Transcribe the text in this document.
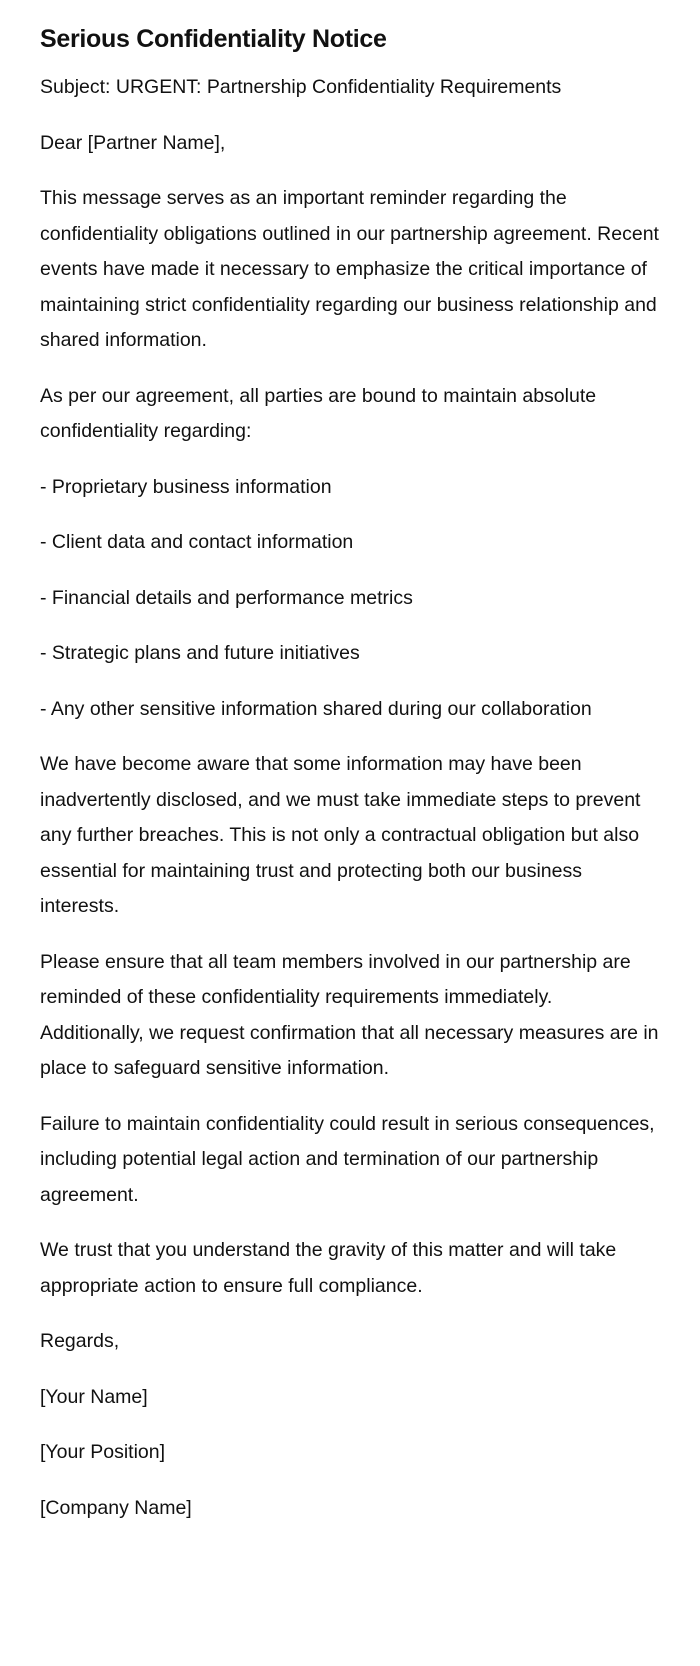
Serious Confidentiality Notice

Subject: URGENT: Partnership Confidentiality Requirements

Dear [Partner Name],

This message serves as an important reminder regarding the confidentiality obligations outlined in our partnership agreement. Recent events have made it necessary to emphasize the critical importance of maintaining strict confidentiality regarding our business relationship and shared information.

As per our agreement, all parties are bound to maintain absolute confidentiality regarding:

- Proprietary business information

- Client data and contact information

- Financial details and performance metrics

- Strategic plans and future initiatives

- Any other sensitive information shared during our collaboration

We have become aware that some information may have been inadvertently disclosed, and we must take immediate steps to prevent any further breaches. This is not only a contractual obligation but also essential for maintaining trust and protecting both our business interests.

Please ensure that all team members involved in our partnership are reminded of these confidentiality requirements immediately. Additionally, we request confirmation that all necessary measures are in place to safeguard sensitive information.

Failure to maintain confidentiality could result in serious consequences, including potential legal action and termination of our partnership agreement.

We trust that you understand the gravity of this matter and will take appropriate action to ensure full compliance.

Regards,

[Your Name]

[Your Position]

[Company Name]
